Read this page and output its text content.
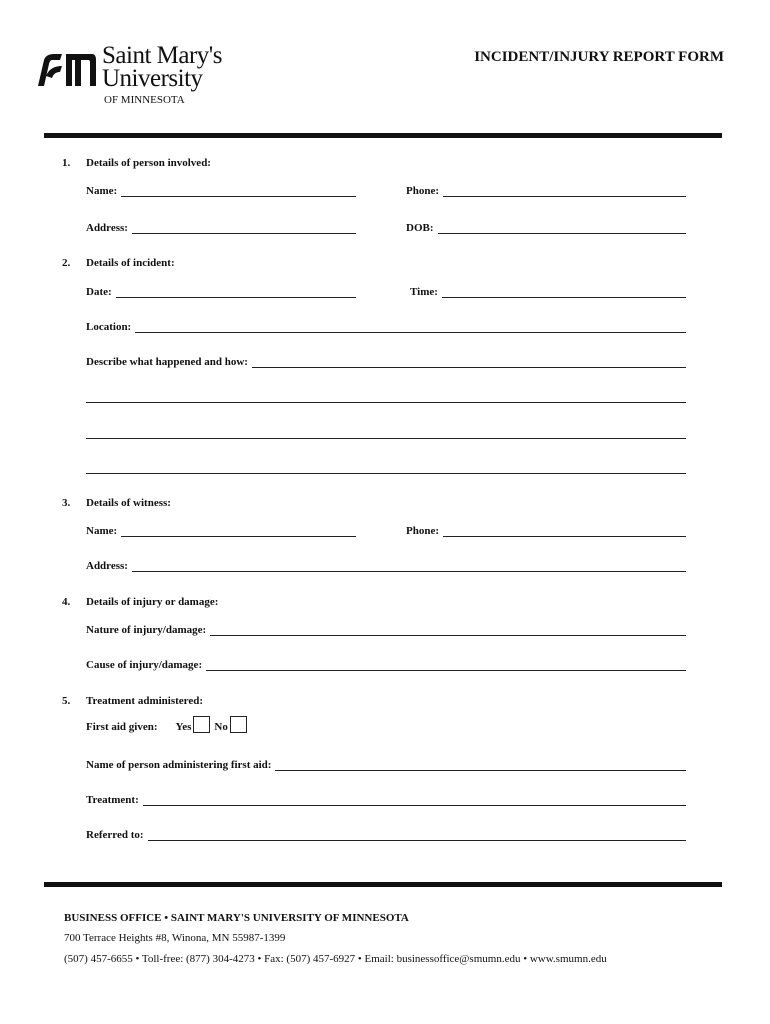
Saint Mary's University
OF MINNESOTA
INCIDENT/INJURY REPORT FORM
1. Details of person involved:
Name:	Phone:
Address:	DOB:
2. Details of incident:
Date:	Time:
Location:
Describe what happened and how:
3. Details of witness:
Name:	Phone:
Address:
4. Details of injury or damage:
Nature of injury/damage:
Cause of injury/damage:
5. Treatment administered:
First aid given: Yes No
Name of person administering first aid:
Treatment:
Referred to:
BUSINESS OFFICE • SAINT MARY'S UNIVERSITY OF MINNESOTA
700 Terrace Heights #8, Winona, MN 55987-1399
(507) 457-6655 • Toll-free: (877) 304-4273 • Fax: (507) 457-6927 • Email: businessoffice@smumn.edu • www.smumn.edu
